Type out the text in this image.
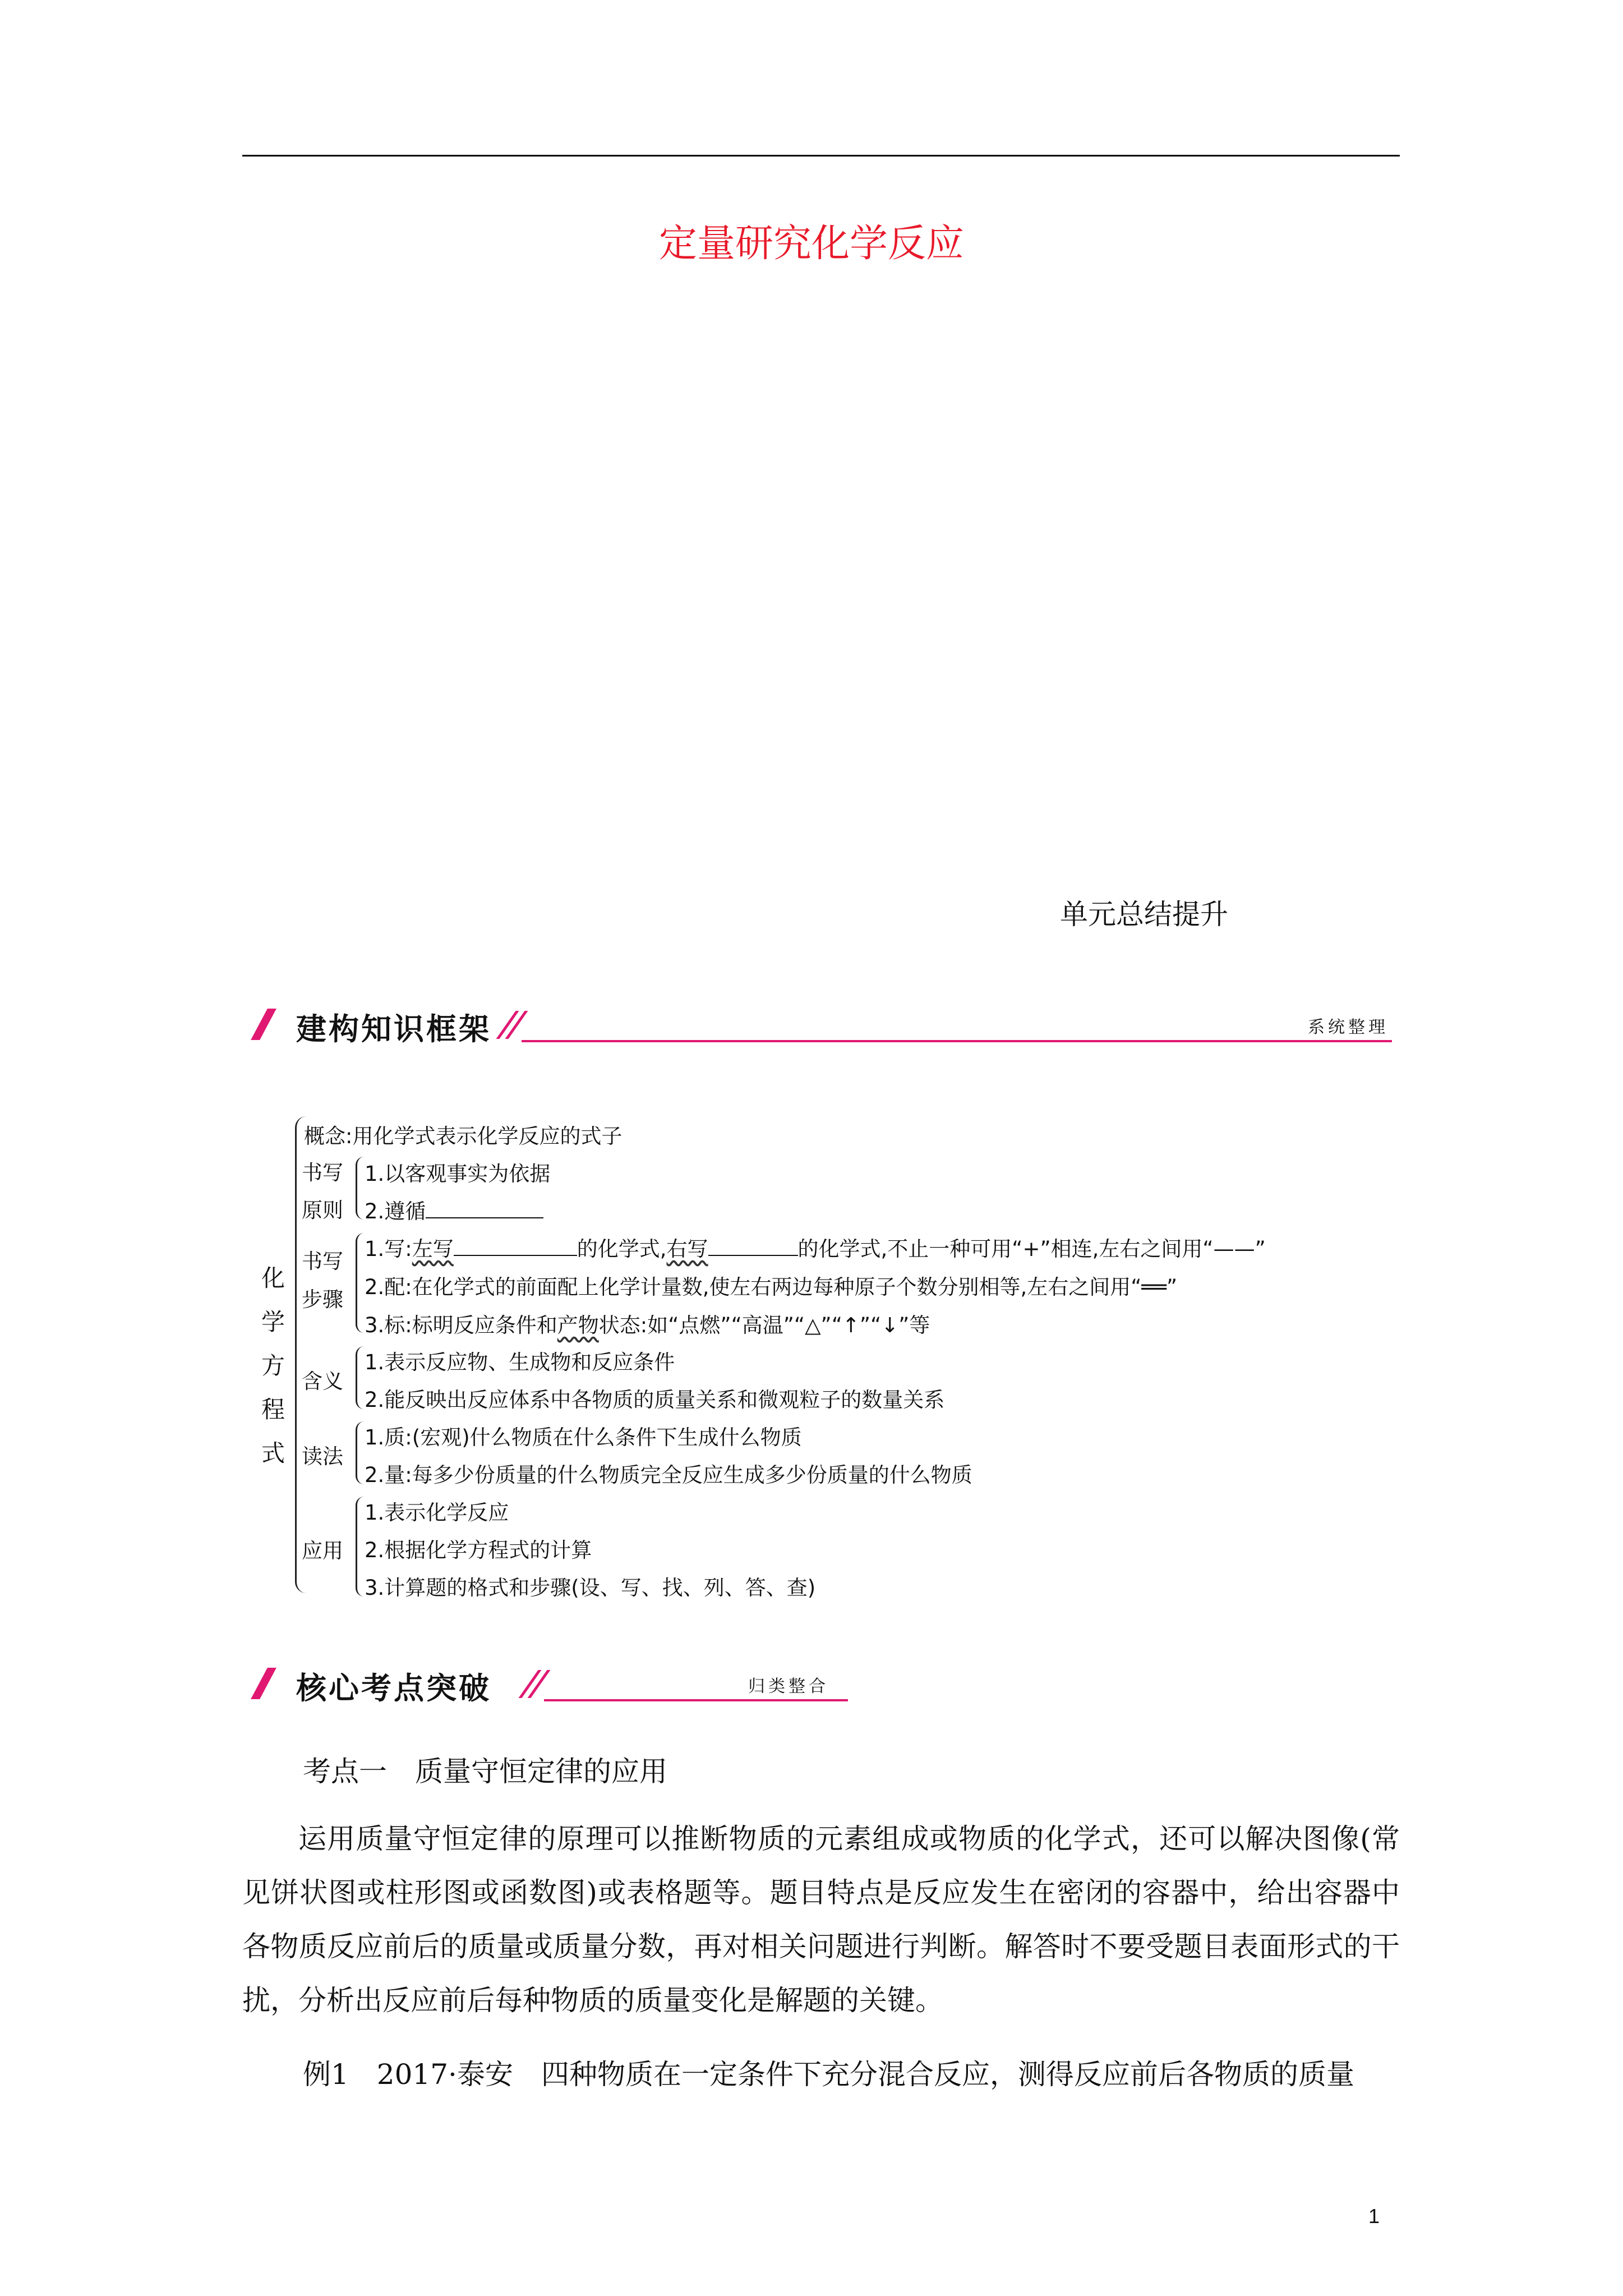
定量研究化学反应
单元总结提升
建构知识框架	系统整理
化
学
方
程
式
概念:用化学式表示化学反应的式子
书写
原则
1.以客观事实为依据
2.遵循
书写
步骤
1.写:左写	的化学式,右写	的化学式,不止一种可用“+”相连,左右之间用“——”
2.配:在化学式的前面配上化学计量数,使左右两边每种原子个数分别相等,左右之间用“══”
3.标:标明反应条件和产物状态:如“点燃”“高温”“△”“↑”“↓”等
含义
1.表示反应物、生成物和反应条件
2.能反映出反应体系中各物质的质量关系和微观粒子的数量关系
读法
1.质:(宏观)什么物质在什么条件下生成什么物质
2.量:每多少份质量的什么物质完全反应生成多少份质量的什么物质
应用
1.表示化学反应
2.根据化学方程式的计算
3.计算题的格式和步骤(设、写、找、列、答、查)
核心考点突破	归类整合
考点一　质量守恒定律的应用
运用质量守恒定律的原理可以推断物质的元素组成或物质的化学式，还可以解决图像(常见饼状图或柱形图或函数图)或表格题等。题目特点是反应发生在密闭的容器中，给出容器中各物质反应前后的质量或质量分数，再对相关问题进行判断。解答时不要受题目表面形式的干扰，分析出反应前后每种物质的质量变化是解题的关键。
例1　2017·泰安　四种物质在一定条件下充分混合反应，测得反应前后各物质的质量
1
